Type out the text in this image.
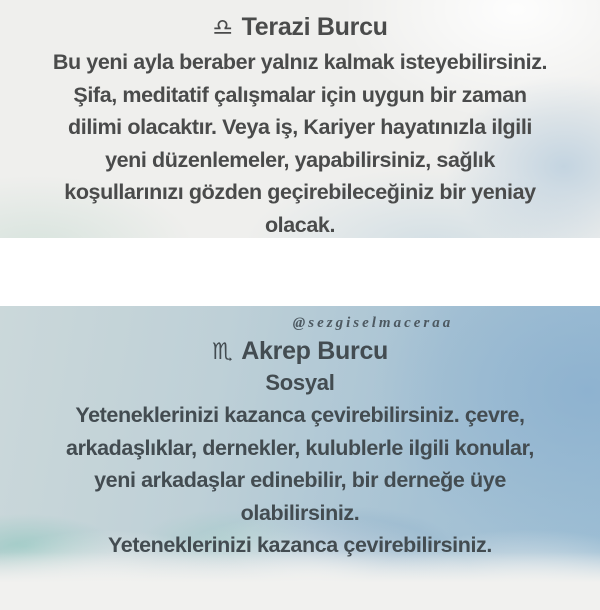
♎ Terazi Burcu
Bu yeni ayla beraber yalnız kalmak isteyebilirsiniz.
Şifa, meditatif çalışmalar için uygun bir zaman
dilimi olacaktır. Veya iş, Kariyer hayatınızla ilgili
yeni düzenlemeler, yapabilirsiniz, sağlık
koşullarınızı gözden geçirebileceğiniz bir yeniay
olacak.
@sezgiselmaceraa
♏ Akrep Burcu
Sosyal
Yeteneklerinizi kazanca çevirebilirsiniz. çevre,
arkadaşlıklar, dernekler, kulublerle ilgili konular,
yeni arkadaşlar edinebilir, bir derneğe üye
olabilirsiniz.
Yeteneklerinizi kazanca çevirebilirsiniz.
